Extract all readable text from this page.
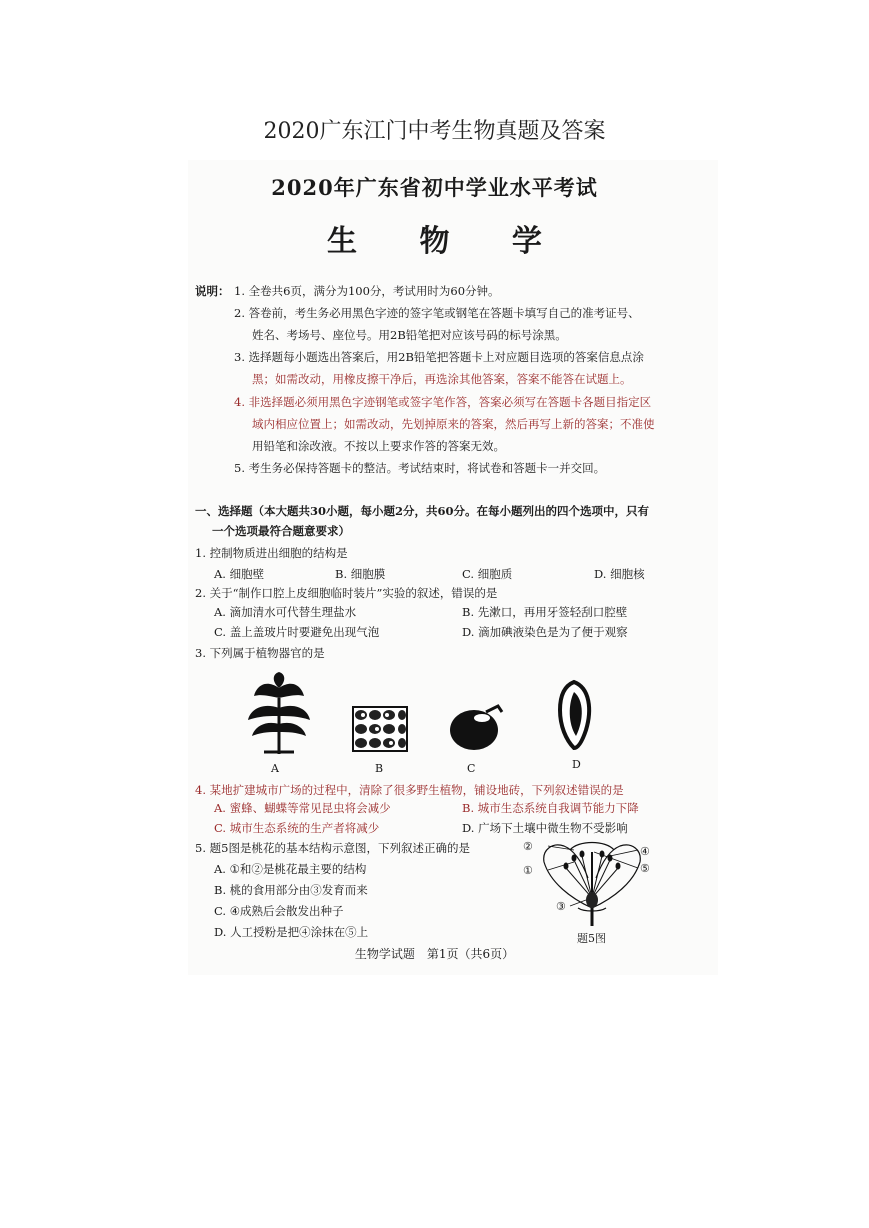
2020广东江门中考生物真题及答案
2020年广东省初中学业水平考试
生 物 学
说明： 1. 全卷共6页，满分为100分，考试用时为60分钟。
2. 答卷前，考生务必用黑色字迹的签字笔或钢笔在答题卡填写自己的准考证号、
姓名、考场号、座位号。用2B铅笔把对应该号码的标号涂黑。
3. 选择题每小题选出答案后，用2B铅笔把答题卡上对应题目选项的答案信息点涂
黑；如需改动，用橡皮擦干净后，再选涂其他答案，答案不能答在试题上。
4. 非选择题必须用黑色字迹钢笔或签字笔作答，答案必须写在答题卡各题目指定区
域内相应位置上；如需改动，先划掉原来的答案，然后再写上新的答案；不准使
用铅笔和涂改液。不按以上要求作答的答案无效。
5. 考生务必保持答题卡的整洁。考试结束时，将试卷和答题卡一并交回。
一、选择题（本大题共30小题，每小题2分，共60分。在每小题列出的四个选项中，只有
一个选项最符合题意要求）
1. 控制物质进出细胞的结构是
A. 细胞壁	B. 细胞膜	C. 细胞质	D. 细胞核
2. 关于“制作口腔上皮细胞临时装片”实验的叙述，错误的是
A. 滴加清水可代替生理盐水	B. 先漱口，再用牙签轻刮口腔壁
C. 盖上盖玻片时要避免出现气泡	D. 滴加碘液染色是为了便于观察
3. 下列属于植物器官的是
A	B	C	D
4. 某地扩建城市广场的过程中，清除了很多野生植物，铺设地砖，下列叙述错误的是
A. 蜜蜂、蝴蝶等常见昆虫将会减少	B. 城市生态系统自我调节能力下降
C. 城市生态系统的生产者将减少	D. 广场下土壤中微生物不受影响
5. 题5图是桃花的基本结构示意图，下列叙述正确的是
A. ①和②是桃花最主要的结构
B. 桃的食用部分由③发育而来
C. ④成熟后会散发出种子
D. 人工授粉是把④涂抹在⑤上
②
①
③
④
⑤
题5图
生物学试题　第1页（共6页）
